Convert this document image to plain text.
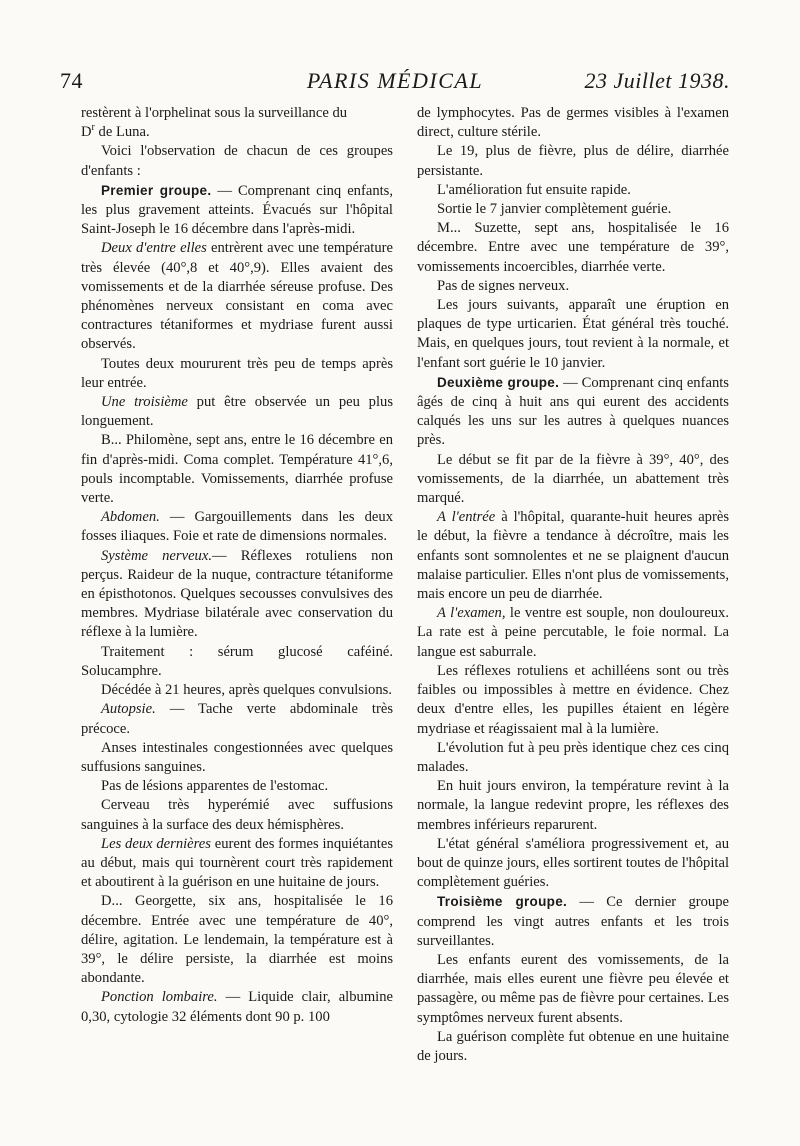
74	PARIS MÉDICAL	23 Juillet 1938.

restèrent à l'orphelinat sous la surveillance du
$D^r$ de Luna.

Voici l'observation de chacun de ces groupes d'enfants :

Premier groupe. — Comprenant cinq enfants, les plus gravement atteints. Évacués sur l'hôpital Saint-Joseph le 16 décembre dans l'après-midi.

Deux d'entre elles entrèrent avec une température très élevée (40°,8 et 40°,9). Elles avaient des vomissements et de la diarrhée séreuse profuse. Des phénomènes nerveux consistant en coma avec contractures tétaniformes et mydriase furent aussi observés.

Toutes deux moururent très peu de temps après leur entrée.

Une troisième put être observée un peu plus longuement.

B... Philomène, sept ans, entre le 16 décembre en fin d'après-midi. Coma complet. Température 41°,6, pouls incomptable. Vomissements, diarrhée profuse verte.

Abdomen. — Gargouillements dans les deux fosses iliaques. Foie et rate de dimensions normales.

Système nerveux.— Réflexes rotuliens non perçus. Raideur de la nuque, contracture tétaniforme en épisthotonos. Quelques secousses convulsives des membres. Mydriase bilatérale avec conservation du réflexe à la lumière.

Traitement : sérum glucosé caféiné. Solucamphre.

Décédée à 21 heures, après quelques convulsions.

Autopsie. — Tache verte abdominale très précoce.

Anses intestinales congestionnées avec quelques suffusions sanguines.

Pas de lésions apparentes de l'estomac.

Cerveau très hyperémié avec suffusions sanguines à la surface des deux hémisphères.

Les deux dernières eurent des formes inquiétantes au début, mais qui tournèrent court très rapidement et aboutirent à la guérison en une huitaine de jours.

D... Georgette, six ans, hospitalisée le 16 décembre. Entrée avec une température de 40°, délire, agitation. Le lendemain, la température est à 39°, le délire persiste, la diarrhée est moins abondante.

Ponction lombaire. — Liquide clair, albumine 0,30, cytologie 32 éléments dont 90 p. 100

de lymphocytes. Pas de germes visibles à l'examen direct, culture stérile.

Le 19, plus de fièvre, plus de délire, diarrhée persistante.

L'amélioration fut ensuite rapide.

Sortie le 7 janvier complètement guérie.

M... Suzette, sept ans, hospitalisée le 16 décembre. Entre avec une température de 39°, vomissements incoercibles, diarrhée verte.

Pas de signes nerveux.

Les jours suivants, apparaît une éruption en plaques de type urticarien. État général très touché. Mais, en quelques jours, tout revient à la normale, et l'enfant sort guérie le 10 janvier.

Deuxième groupe. — Comprenant cinq enfants âgés de cinq à huit ans qui eurent des accidents calqués les uns sur les autres à quelques nuances près.

Le début se fit par de la fièvre à 39°, 40°, des vomissements, de la diarrhée, un abattement très marqué.

A l'entrée à l'hôpital, quarante-huit heures après le début, la fièvre a tendance à décroître, mais les enfants sont somnolentes et ne se plaignent d'aucun malaise particulier. Elles n'ont plus de vomissements, mais encore un peu de diarrhée.

A l'examen, le ventre est souple, non douloureux. La rate est à peine percutable, le foie normal. La langue est saburrale.

Les réflexes rotuliens et achilléens sont ou très faibles ou impossibles à mettre en évidence. Chez deux d'entre elles, les pupilles étaient en légère mydriase et réagissaient mal à la lumière.

L'évolution fut à peu près identique chez ces cinq malades.

En huit jours environ, la température revint à la normale, la langue redevint propre, les réflexes des membres inférieurs reparurent.

L'état général s'améliora progressivement et, au bout de quinze jours, elles sortirent toutes de l'hôpital complètement guéries.

Troisième groupe. — Ce dernier groupe comprend les vingt autres enfants et les trois surveillantes.

Les enfants eurent des vomissements, de la diarrhée, mais elles eurent une fièvre peu élevée et passagère, ou même pas de fièvre pour certaines. Les symptômes nerveux furent absents.

La guérison complète fut obtenue en une huitaine de jours.
